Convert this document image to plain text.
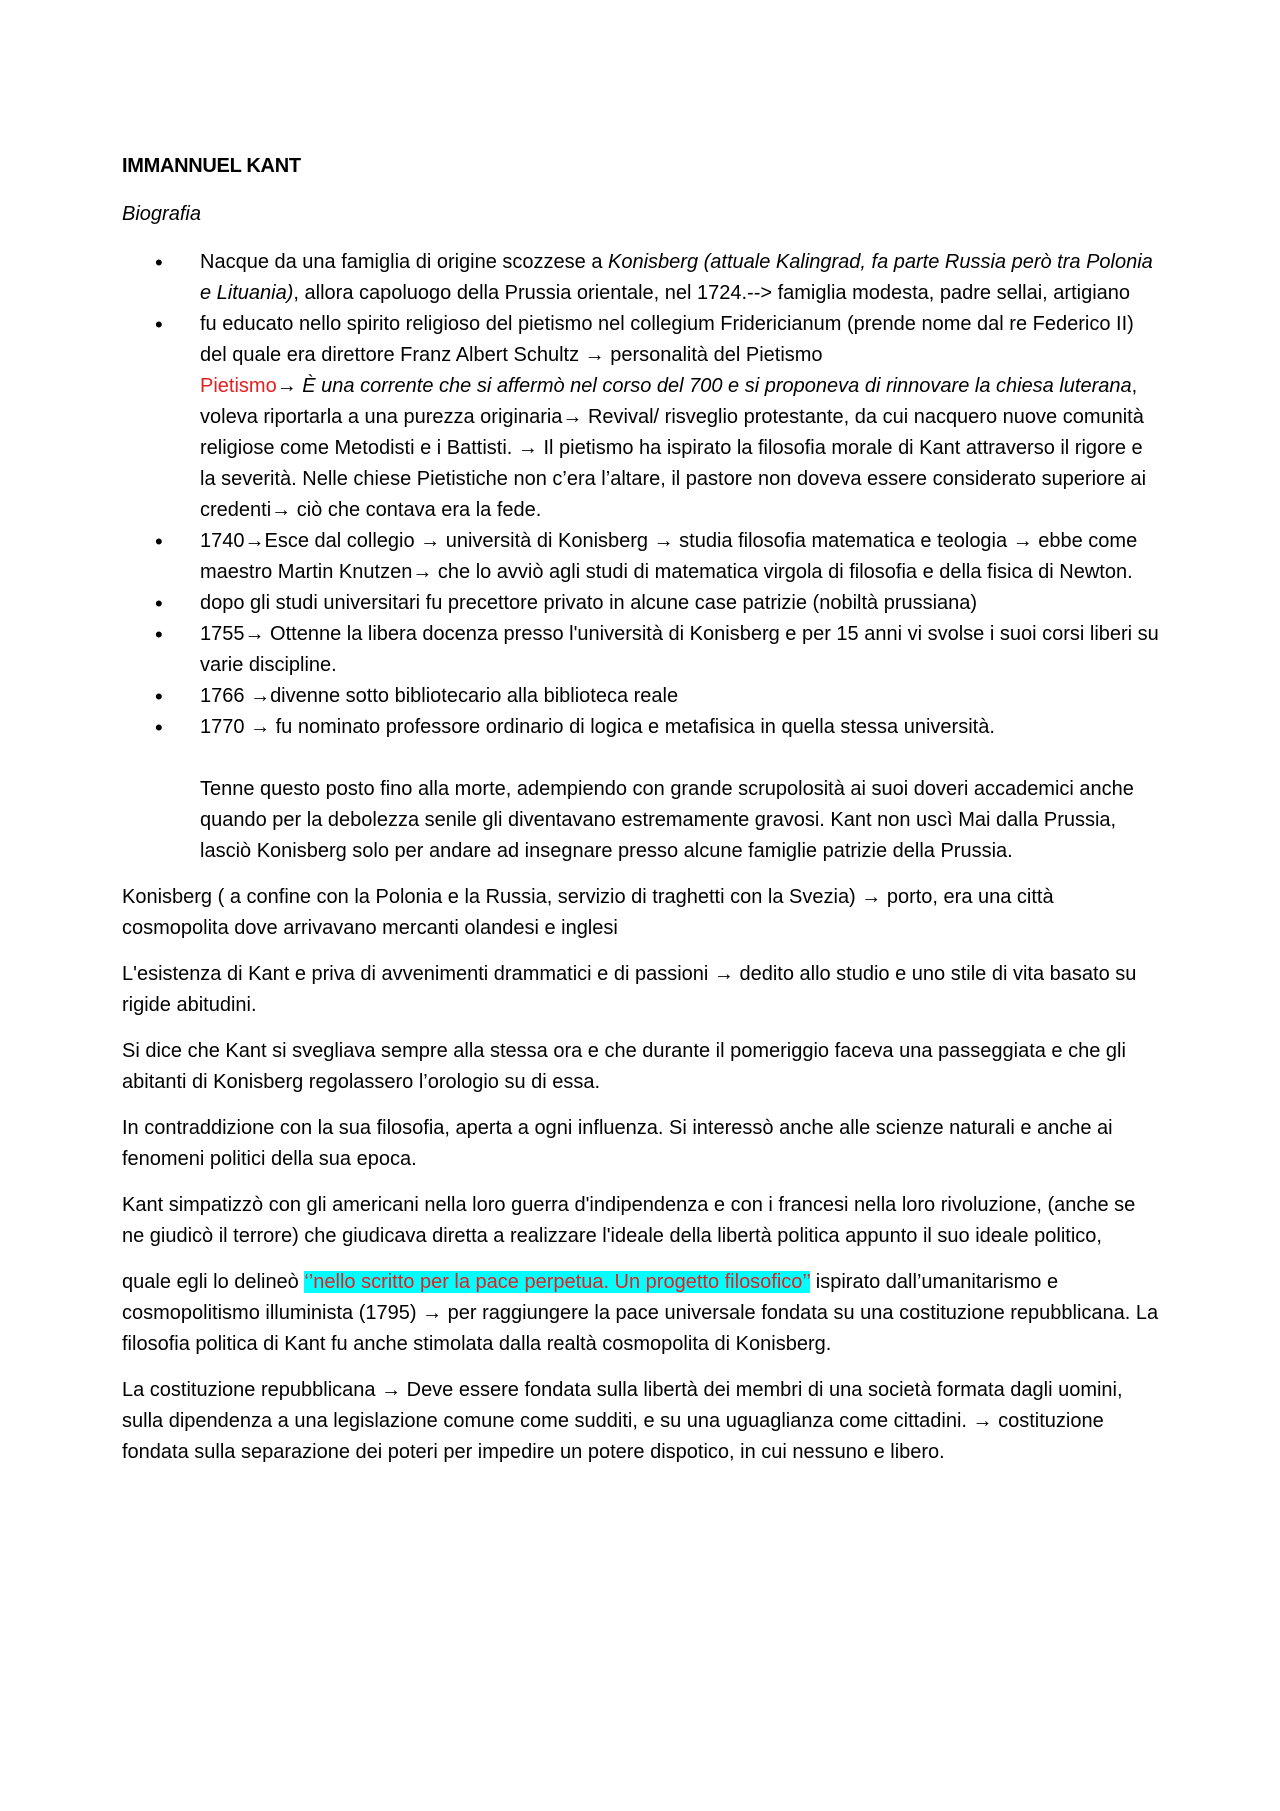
IMMANNUEL KANT
Biografia
• Nacque da una famiglia di origine scozzese a Konisberg (attuale Kalingrad, fa parte Russia però tra Polonia e Lituania), allora capoluogo della Prussia orientale, nel 1724.--> famiglia modesta, padre sellai, artigiano
• fu educato nello spirito religioso del pietismo nel collegium Fridericianum (prende nome dal re Federico II) del quale era direttore Franz Albert Schultz → personalità del Pietismo
Pietismo→ È una corrente che si affermò nel corso del 700 e si proponeva di rinnovare la chiesa luterana, voleva riportarla a una purezza originaria→ Revival/ risveglio protestante, da cui nacquero nuove comunità religiose come Metodisti e i Battisti. → Il pietismo ha ispirato la filosofia morale di Kant attraverso il rigore e la severità. Nelle chiese Pietistiche non c’era l’altare, il pastore non doveva essere considerato superiore ai credenti→ ciò che contava era la fede.
• 1740→Esce dal collegio → università di Konisberg → studia filosofia matematica e teologia → ebbe come maestro Martin Knutzen→ che lo avviò agli studi di matematica virgola di filosofia e della fisica di Newton.
• dopo gli studi universitari fu precettore privato in alcune case patrizie (nobiltà prussiana)
• 1755→ Ottenne la libera docenza presso l'università di Konisberg e per 15 anni vi svolse i suoi corsi liberi su varie discipline.
• 1766 →divenne sotto bibliotecario alla biblioteca reale
• 1770 → fu nominato professore ordinario di logica e metafisica in quella stessa università.
Tenne questo posto fino alla morte, adempiendo con grande scrupolosità ai suoi doveri accademici anche quando per la debolezza senile gli diventavano estremamente gravosi. Kant non uscì Mai dalla Prussia, lasciò Konisberg solo per andare ad insegnare presso alcune famiglie patrizie della Prussia.

Konisberg ( a confine con la Polonia e la Russia, servizio di traghetti con la Svezia) → porto, era una città cosmopolita dove arrivavano mercanti olandesi e inglesi

L'esistenza di Kant e priva di avvenimenti drammatici e di passioni → dedito allo studio e uno stile di vita basato su rigide abitudini.

Si dice che Kant si svegliava sempre alla stessa ora e che durante il pomeriggio faceva una passeggiata e che gli abitanti di Konisberg regolassero l’orologio su di essa.

In contraddizione con la sua filosofia, aperta a ogni influenza. Si interessò anche alle scienze naturali e anche ai fenomeni politici della sua epoca.

Kant simpatizzò con gli americani nella loro guerra d'indipendenza e con i francesi nella loro rivoluzione, (anche se ne giudicò il terrore) che giudicava diretta a realizzare l'ideale della libertà politica appunto il suo ideale politico,

quale egli lo delineò ‘’nello scritto per la pace perpetua. Un progetto filosofico’’ ispirato dall’umanitarismo e cosmopolitismo illuminista (1795) → per raggiungere la pace universale fondata su una costituzione repubblicana. La filosofia politica di Kant fu anche stimolata dalla realtà cosmopolita di Konisberg.

La costituzione repubblicana → Deve essere fondata sulla libertà dei membri di una società formata dagli uomini, sulla dipendenza a una legislazione comune come sudditi, e su una uguaglianza come cittadini. → costituzione fondata sulla separazione dei poteri per impedire un potere dispotico, in cui nessuno e libero.
